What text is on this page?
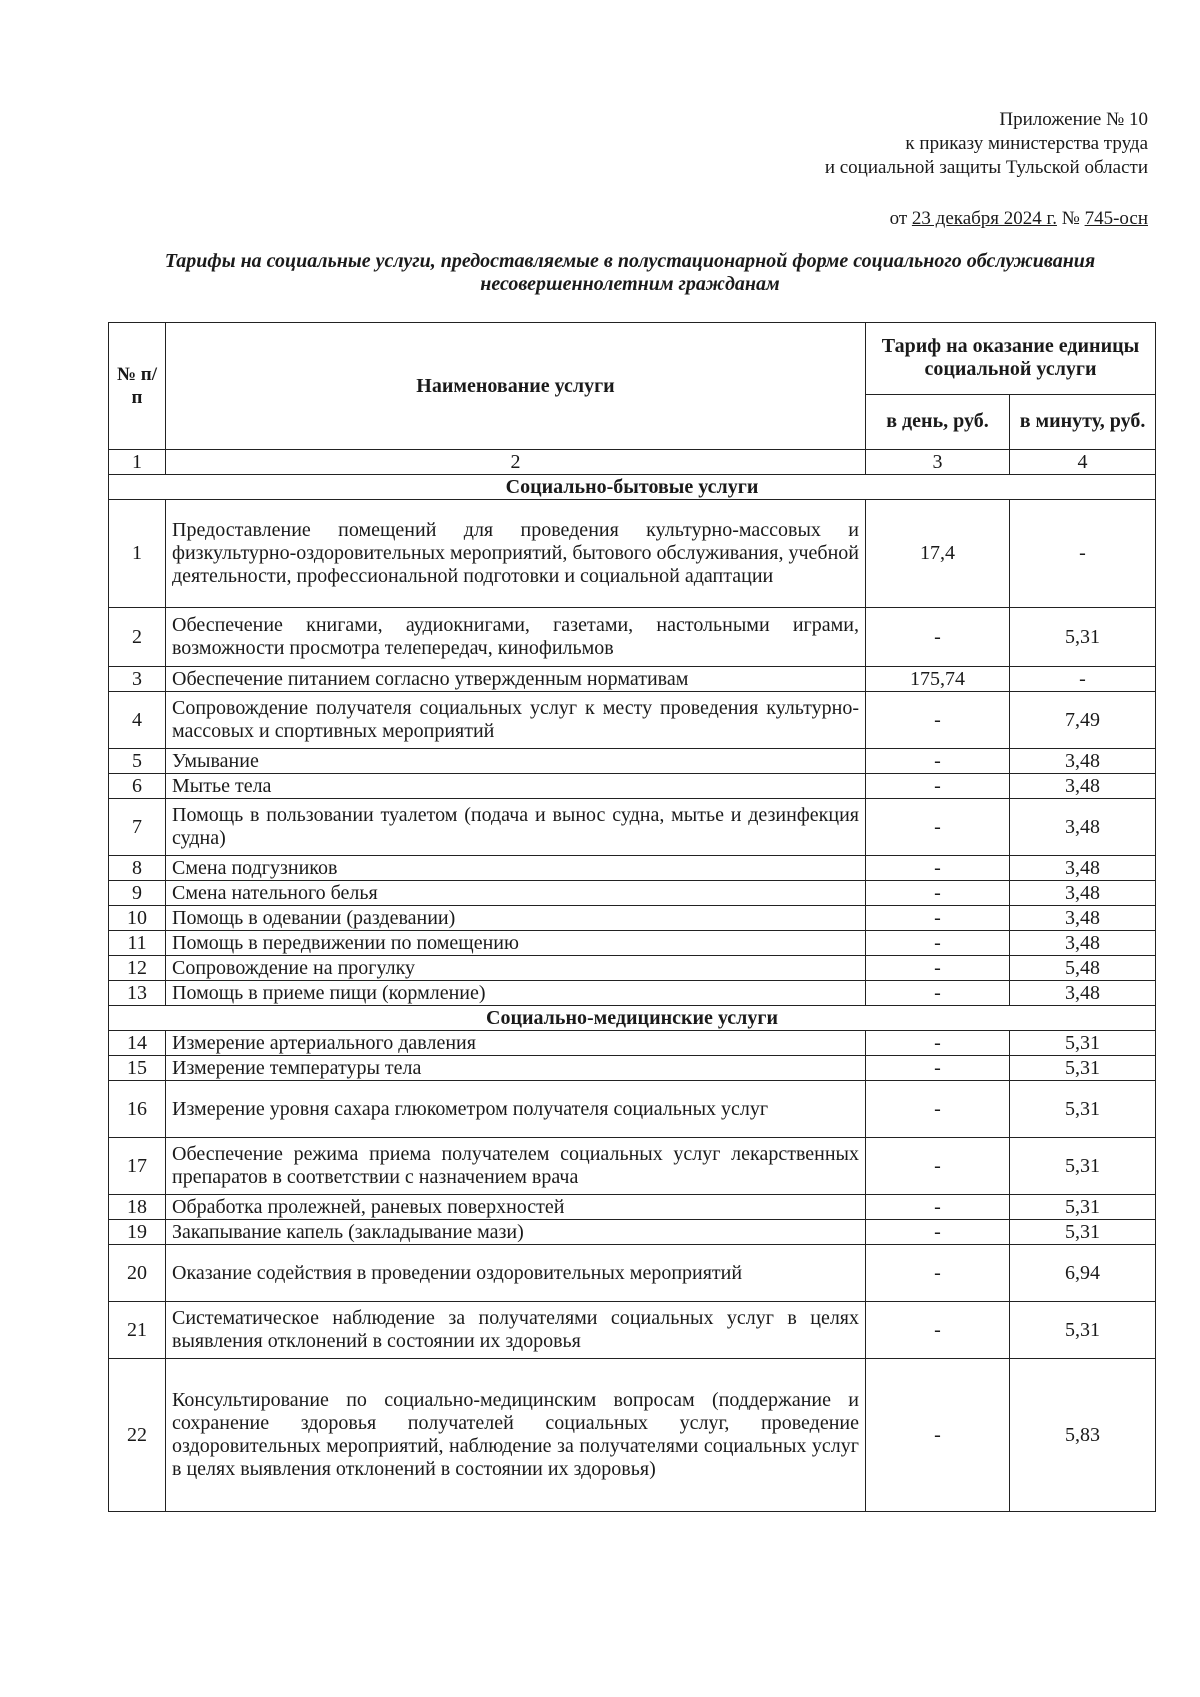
Приложение № 10
к приказу министерства труда
и социальной защиты Тульской области
от 23 декабря 2024 г. № 745-осн
Тарифы на социальные услуги, предоставляемые в полустационарной форме социального обслуживания несовершеннолетним гражданам
№ п/п	Наименование услуги	Тариф на оказание единицы социальной услуги	
		в день, руб.	в минуту, руб.
1	2	3	4
Социально-бытовые услуги			
1	Предоставление помещений для проведения культурно-массовых и физкультурно-оздоровительных мероприятий, бытового обслуживания, учебной деятельности, профессиональной подготовки и социальной адаптации	17,4	-
2	Обеспечение книгами, аудиокнигами, газетами, настольными играми, возможности просмотра телепередач, кинофильмов	-	5,31
3	Обеспечение питанием согласно утвержденным нормативам	175,74	-
4	Сопровождение получателя социальных услуг к месту проведения культурно-массовых и спортивных мероприятий	-	7,49
5	Умывание	-	3,48
6	Мытье тела	-	3,48
7	Помощь в пользовании туалетом (подача и вынос судна, мытье и дезинфекция судна)	-	3,48
8	Смена подгузников	-	3,48
9	Смена нательного белья	-	3,48
10	Помощь в одевании (раздевании)	-	3,48
11	Помощь в передвижении по помещению	-	3,48
12	Сопровождение на прогулку	-	5,48
13	Помощь в приеме пищи (кормление)	-	3,48
Социально-медицинские услуги			
14	Измерение артериального давления	-	5,31
15	Измерение температуры тела	-	5,31
16	Измерение уровня сахара глюкометром получателя социальных услуг	-	5,31
17	Обеспечение режима приема получателем социальных услуг лекарственных препаратов в соответствии с назначением врача	-	5,31
18	Обработка пролежней, раневых поверхностей	-	5,31
19	Закапывание капель (закладывание мази)	-	5,31
20	Оказание содействия в проведении оздоровительных мероприятий	-	6,94
21	Систематическое наблюдение за получателями социальных услуг в целях выявления отклонений в состоянии их здоровья	-	5,31
22	Консультирование по социально-медицинским вопросам (поддержание и сохранение здоровья получателей социальных услуг, проведение оздоровительных мероприятий, наблюдение за получателями социальных услуг в целях выявления отклонений в состоянии их здоровья)	-	5,83
